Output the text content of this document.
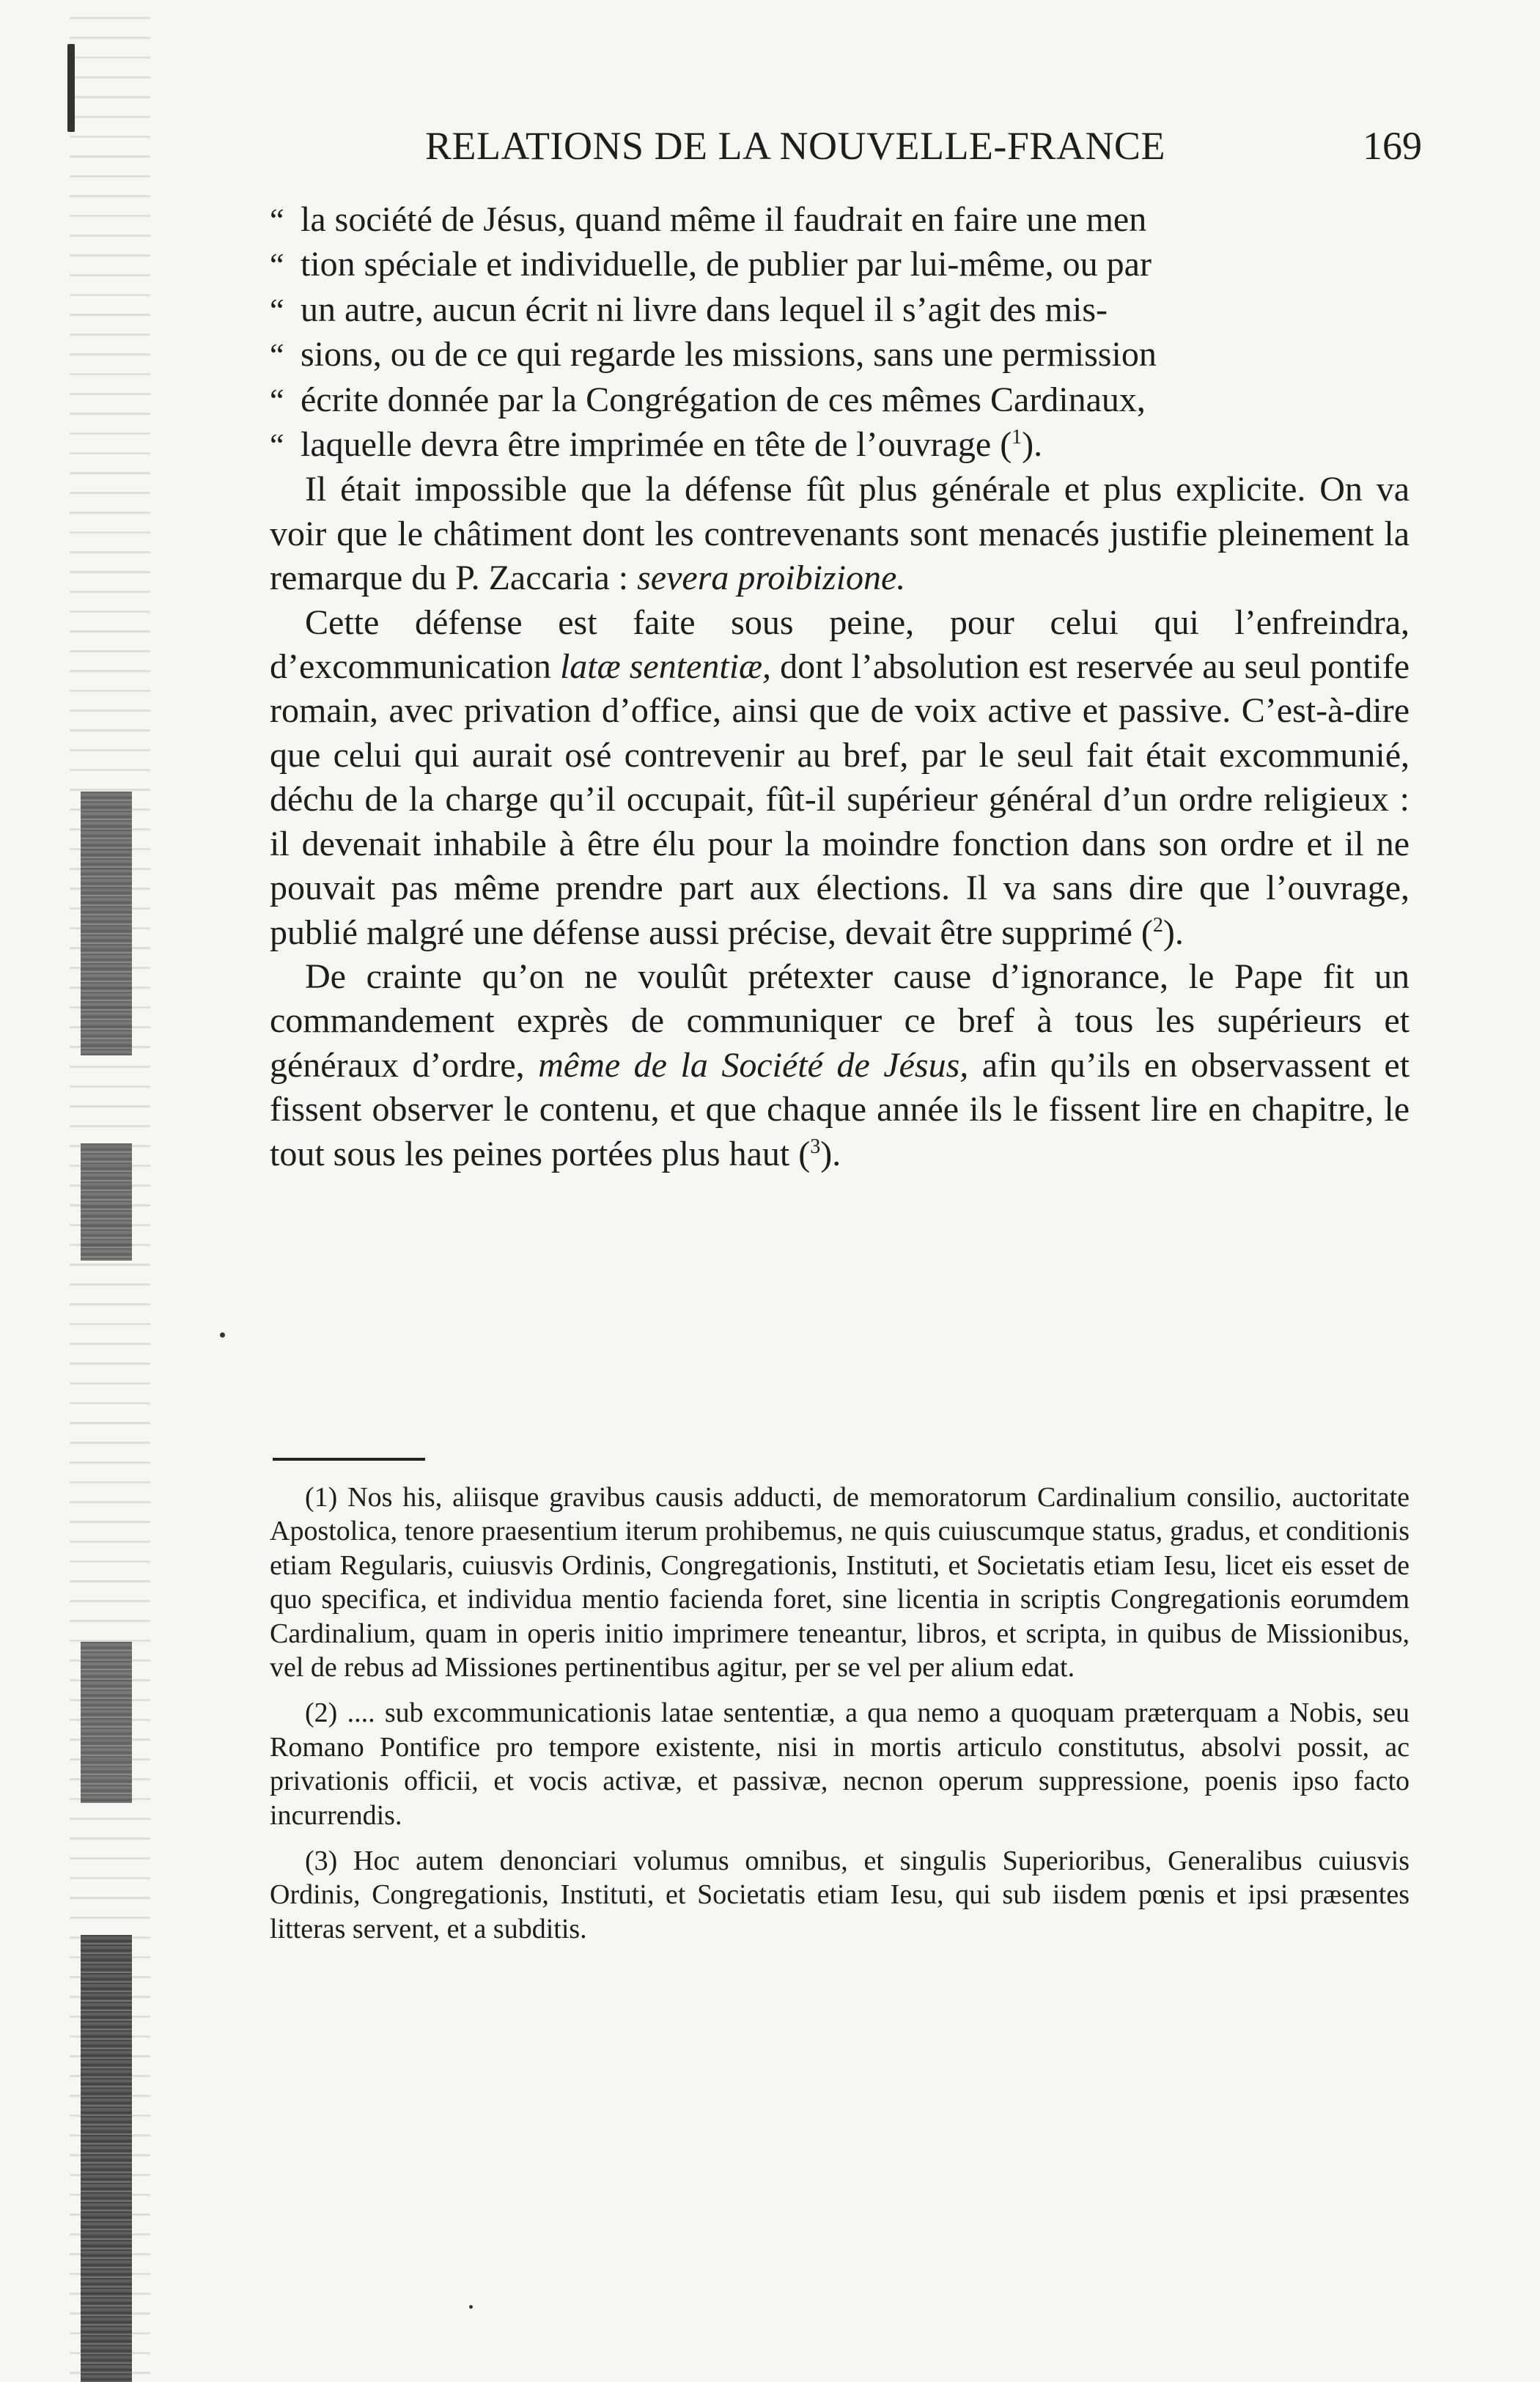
RELATIONS DE LA NOUVELLE-FRANCE	169

“ la société de Jésus, quand même il faudrait en faire une men

“ tion spéciale et individuelle, de publier par lui-même, ou par

“ un autre, aucun écrit ni livre dans lequel il s’agit des mis-

“ sions, ou de ce qui regarde les missions, sans une permission

“ écrite donnée par la Congrégation de ces mêmes Cardinaux,

“ laquelle devra être imprimée en tête de l’ouvrage ($^1$).

Il était impossible que la défense fût plus générale et plus explicite. On va voir que le châtiment dont les contrevenants sont menacés justifie pleinement la remarque du P. Zaccaria : severa proibizione.

Cette défense est faite sous peine, pour celui qui l’enfreindra, d’excommunication latæ sententiæ, dont l’absolution est reservée au seul pontife romain, avec privation d’office, ainsi que de voix active et passive. C’est-à-dire que celui qui aurait osé contrevenir au bref, par le seul fait était excommunié, déchu de la charge qu’il occupait, fût-il supérieur général d’un ordre religieux : il devenait inhabile à être élu pour la moindre fonction dans son ordre et il ne pouvait pas même prendre part aux élections. Il va sans dire que l’ouvrage, publié malgré une défense aussi précise, devait être supprimé ($^2$).

De crainte qu’on ne voulût prétexter cause d’ignorance, le Pape fit un commandement exprès de communiquer ce bref à tous les supérieurs et généraux d’ordre, même de la Société de Jésus, afin qu’ils en observassent et fissent observer le contenu, et que chaque année ils le fissent lire en chapitre, le tout sous les peines portées plus haut ($^3$).

(1) Nos his, aliisque gravibus causis adducti, de memoratorum Cardinalium consilio, auctoritate Apostolica, tenore praesentium iterum prohibemus, ne quis cuiuscumque status, gradus, et conditionis etiam Regularis, cuiusvis Ordinis, Congregationis, Instituti, et Societatis etiam Iesu, licet eis esset de quo specifica, et individua mentio facienda foret, sine licentia in scriptis Congregationis eorumdem Cardinalium, quam in operis initio imprimere teneantur, libros, et scripta, in quibus de Missionibus, vel de rebus ad Missiones pertinentibus agitur, per se vel per alium edat.

(2) .... sub excommunicationis latae sententiæ, a qua nemo a quoquam præterquam a Nobis, seu Romano Pontifice pro tempore existente, nisi in mortis articulo constitutus, absolvi possit, ac privationis officii, et vocis activæ, et passivæ, necnon operum suppressione, poenis ipso facto incurrendis.

(3) Hoc autem denonciari volumus omnibus, et singulis Superioribus, Generalibus cuiusvis Ordinis, Congregationis, Instituti, et Societatis etiam Iesu, qui sub iisdem pœnis et ipsi præsentes litteras servent, et a subditis.
